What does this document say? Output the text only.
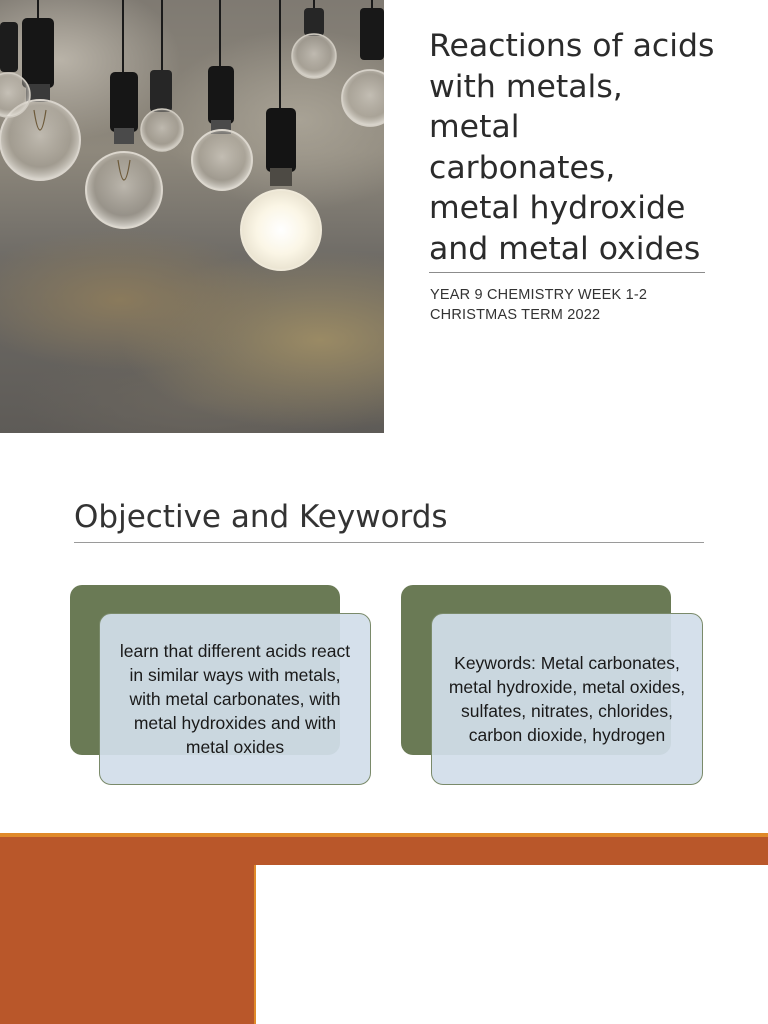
Reactions of acids
with metals,
metal
carbonates,
metal hydroxide
and metal oxides
YEAR 9 CHEMISTRY WEEK 1-2
CHRISTMAS TERM 2022
Objective and Keywords
learn that different acids react in similar ways with metals, with metal carbonates, with metal hydroxides and with metal oxides
Keywords: Metal carbonates, metal hydroxide, metal oxides, sulfates, nitrates, chlorides, carbon dioxide, hydrogen
